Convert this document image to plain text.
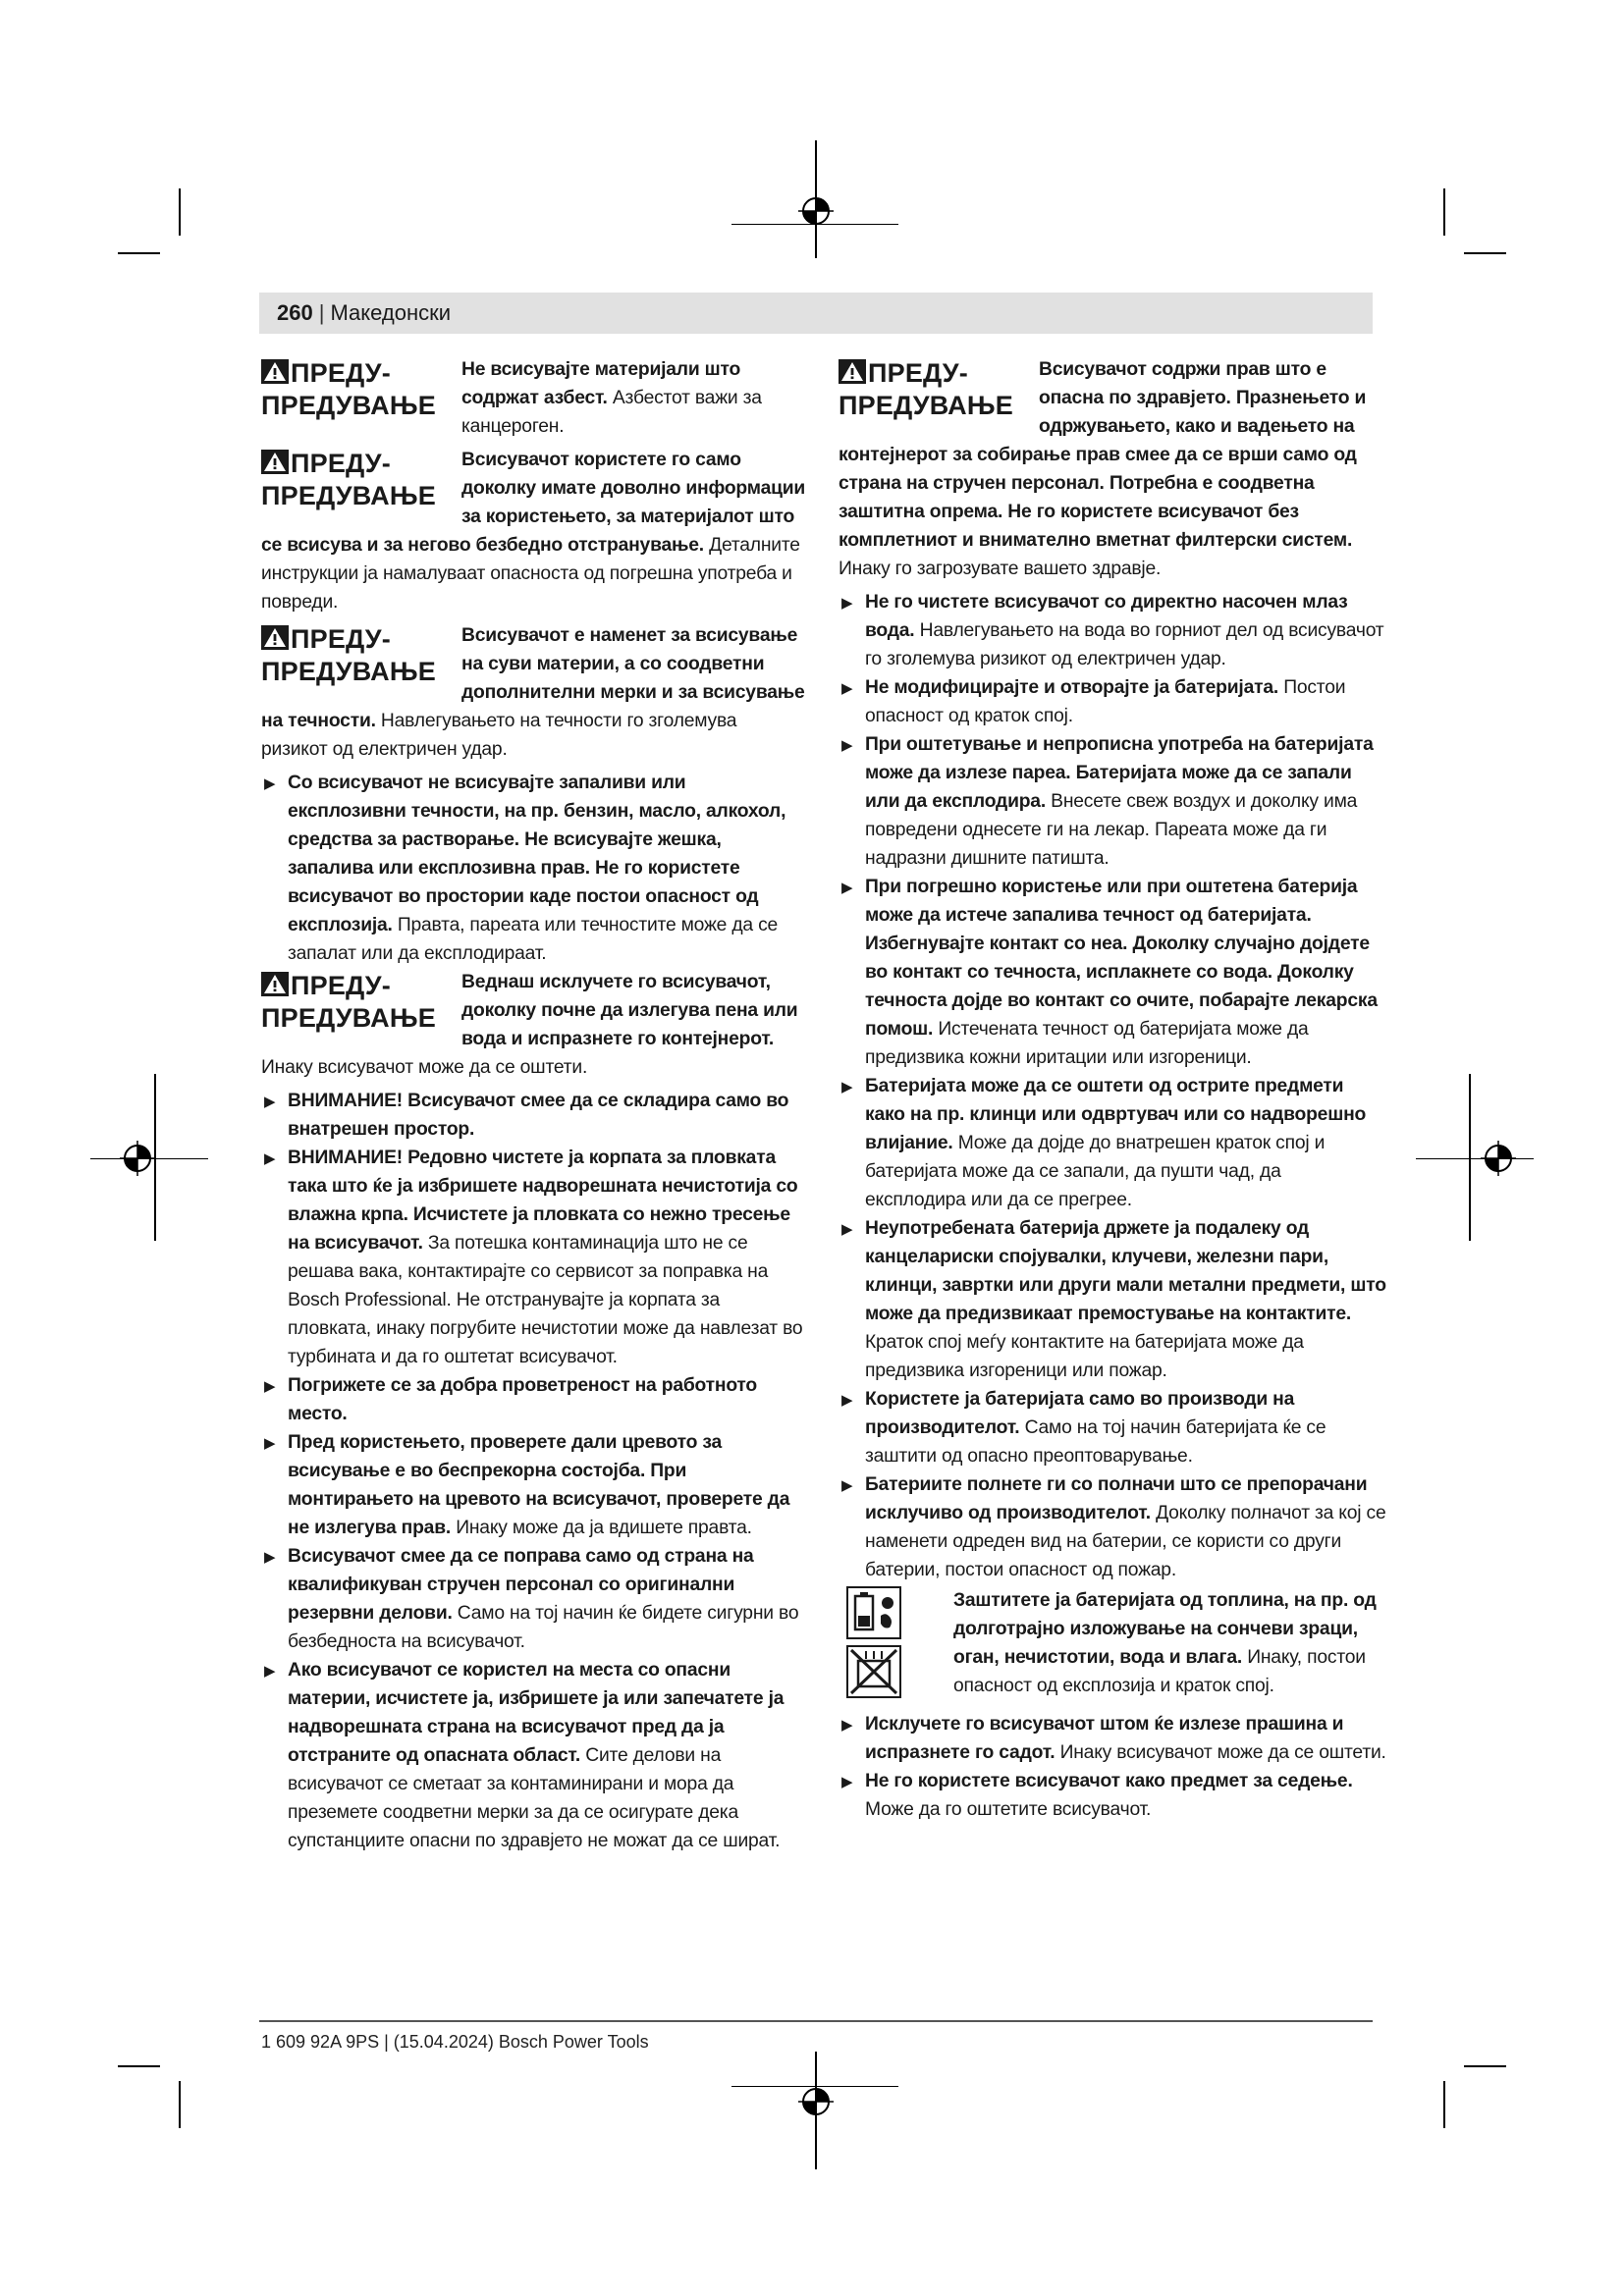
260 | Македонски
ПРЕДУ-ПРЕДУВАЊЕ

Не всисувајте материјали што содржат азбест. Азбестот важи за канцероген.

ПРЕДУ-ПРЕДУВАЊЕ

Всисувачот користете го само доколку имате доволно информации за користењето, за материјалот што се всисува и за негово безбедно отстранување. Деталните инструкции ја намалуваат опасноста од погрешна употреба и повреди.

ПРЕДУ-ПРЕДУВАЊЕ

Всисувачот е наменет за всисување на суви материи, а со соодветни дополнителни мерки и за всисување на течности. Навлегувањето на течности го зголемува ризикот од електричен удар.

▶ Со всисувачот не всисувајте запаливи или експлозивни течности, на пр. бензин, масло, алкохол, средства за растворање. Не всисувајте жешка, запалива или експлозивна прав. Не го користете всисувачот во простории каде постои опасност од експлозија. Правта, пареата или течностите може да се запалат или да експлодираат.

ПРЕДУ-ПРЕДУВАЊЕ

Веднаш исклучете го всисувачот, доколку почне да излегува пена или вода и испразнете го контејнерот. Инаку всисувачот може да се оштети.

▶ ВНИМАНИЕ! Всисувачот смее да се складира само во внатрешен простор.

▶ ВНИМАНИЕ! Редовно чистете ја корпата за пловката така што ќе ја избришете надворешната нечистотија со влажна крпа. Исчистете ја пловката со нежно тресење на всисувачот. За потешка контаминација што не се решава вака, контактирајте со сервисот за поправка на Bosch Professional. Не отстранувајте ја корпата за пловката, инаку погрубите нечистотии може да навлезат во турбината и да го оштетат всисувачот.

▶ Погрижете се за добра проветреност на работното место.

▶ Пред користењето, проверете дали цревото за всисување е во беспрекорна состојба. При монтирањето на цревото на всисувачот, проверете да не излегува прав. Инаку може да ја вдишете правта.

▶ Всисувачот смее да се поправа само од страна на квалификуван стручен персонал со оригинални резервни делови. Само на тој начин ќе бидете сигурни во безбедноста на всисувачот.

▶ Ако всисувачот се користел на места со опасни материи, исчистете ја, избришете ја или запечатете ја надворешната страна на всисувачот пред да ја отстраните од опасната област. Сите делови на всисувачот се сметаат за контаминирани и мора да преземете соодветни мерки за да се осигурате дека супстанциите опасни по здравјето не можат да се шират.

ПРЕДУ-ПРЕДУВАЊЕ

Всисувачот содржи прав што е опасна по здравјето. Празнењето и одржувањето, како и вадењето на контејнерот за собирање прав смее да се врши само од страна на стручен персонал. Потребна е соодветна заштитна опрема. Не го користете всисувачот без комплетниот и внимателно вметнат филтерски систем. Инаку го загрозувате вашето здравје.

▶ Не го чистете всисувачот со директно насочен млаз вода. Навлегувањето на вода во горниот дел од всисувачот го зголемува ризикот од електричен удар.

▶ Не модифицирајте и отворајте ја батеријата. Постои опасност од краток спој.

▶ При оштетување и непрописна употреба на батеријата може да излезе пареа. Батеријата може да се запали или да експлодира. Внесете свеж воздух и доколку има повредени однесете ги на лекар. Пареата може да ги надразни дишните патишта.

▶ При погрешно користење или при оштетена батерија може да истече запалива течност од батеријата. Избегнувајте контакт со неа. Доколку случајно дојдете во контакт со течноста, исплакнете со вода. Доколку течноста дојде во контакт со очите, побарајте лекарска помош. Истечената течност од батеријата може да предизвика кожни иритации или изгореници.

▶ Батеријата може да се оштети од острите предмети како на пр. клинци или одвртувач или со надворешно влијание. Може да дојде до внатрешен краток спој и батеријата може да се запали, да пушти чад, да експлодира или да се прегрее.

▶ Неупотребената батерија држете ја подалеку од канцелариски спојувалки, клучеви, железни пари, клинци, завртки или други мали метални предмети, што може да предизвикаат премостување на контактите. Краток спој меѓу контактите на батеријата може да предизвика изгореници или пожар.

▶ Користете ја батеријата само во производи на производителот. Само на тој начин батеријата ќе се заштити од опасно преоптоварување.

▶ Батериите полнете ги со полначи што се препорачани исклучиво од производителот. Доколку полначот за кој се наменети одреден вид на батерии, се користи со други батерии, постои опасност од пожар.

Заштитете ја батеријата од топлина, на пр. од долготрајно изложување на сончеви зраци, оган, нечистотии, вода и влага. Инаку, постои опасност од експлозија и краток спој.

▶ Исклучете го всисувачот штом ќе излезе прашина и испразнете го садот. Инаку всисувачот може да се оштети.

▶ Не го користете всисувачот како предмет за седење. Може да го оштетите всисувачот.

1 609 92A 9PS | (15.04.2024) Bosch Power Tools
